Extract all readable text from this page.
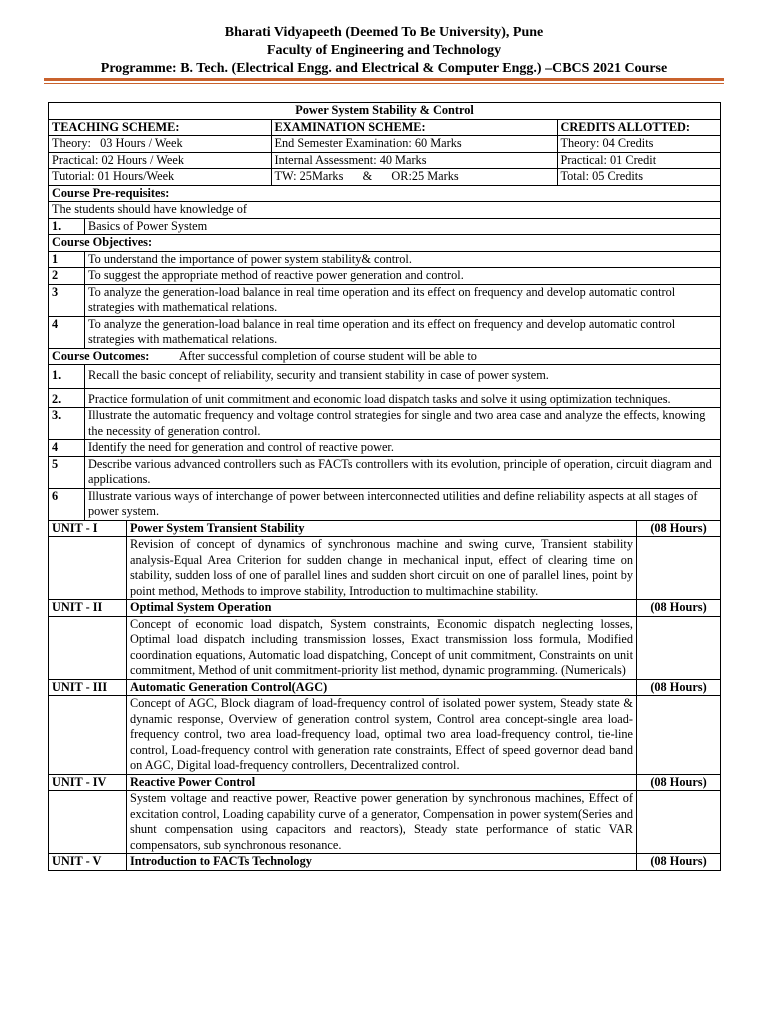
Bharati Vidyapeeth (Deemed To Be University), Pune
Faculty of Engineering and Technology
Programme: B. Tech. (Electrical Engg. and Electrical & Computer Engg.) –CBCS 2021 Course
Power System Stability & Control

TEACHING SCHEME:	EXAMINATION SCHEME:	CREDITS ALLOTTED:
Theory:   03 Hours / Week	End Semester Examination: 60 Marks	Theory: 04 Credits
Practical: 02 Hours / Week	Internal Assessment: 40 Marks	Practical: 01 Credit
Tutorial: 01 Hours/Week	TW: 25Marks & OR:25 Marks	Total: 05 Credits

Course Pre-requisites:
The students should have knowledge of
1.	Basics of Power System
Course Objectives:
1	To understand the importance of power system stability& control.
2	To suggest the appropriate method of reactive power generation and control.
3	To analyze the generation-load balance in real time operation and its effect on frequency and develop automatic control strategies with mathematical relations.
4	To analyze the generation-load balance in real time operation and its effect on frequency and develop automatic control strategies with mathematical relations.
Course Outcomes: After successful completion of course student will be able to
1.	Recall the basic concept of reliability, security and transient stability in case of power system.
2.	Practice formulation of unit commitment and economic load dispatch tasks and solve it using optimization techniques.
3.	Illustrate the automatic frequency and voltage control strategies for single and two area case and analyze the effects, knowing the necessity of generation control.
4	Identify the need for generation and control of reactive power.
5	Describe various advanced controllers such as FACTs controllers with its evolution, principle of operation, circuit diagram and applications.
6	Illustrate various ways of interchange of power between interconnected utilities and define reliability aspects at all stages of power system.
UNIT - I	Power System Transient Stability	(08 Hours)
	Revision of concept of dynamics of synchronous machine and swing curve, Transient stability analysis-Equal Area Criterion for sudden change in mechanical input, effect of clearing time on stability, sudden loss of one of parallel lines and sudden short circuit on one of parallel lines, point by point method, Methods to improve stability, Introduction to multimachine stability.	
UNIT - II	Optimal System Operation	(08 Hours)
	Concept of economic load dispatch, System constraints, Economic dispatch neglecting losses, Optimal load dispatch including transmission losses, Exact transmission loss formula, Modified coordination equations, Automatic load dispatching, Concept of unit commitment, Constraints on unit commitment, Method of unit commitment-priority list method, dynamic programming. (Numericals)	
UNIT - III	Automatic Generation Control(AGC)	(08 Hours)
	Concept of AGC, Block diagram of load-frequency control of isolated power system, Steady state & dynamic response, Overview of generation control system, Control area concept-single area load-frequency control, two area load-frequency load, optimal two area load-frequency control, tie-line control, Load-frequency control with generation rate constraints, Effect of speed governor dead band on AGC, Digital load-frequency controllers, Decentralized control.	
UNIT - IV	Reactive Power Control	(08 Hours)
	System voltage and reactive power, Reactive power generation by synchronous machines, Effect of excitation control, Loading capability curve of a generator, Compensation in power system(Series and shunt compensation using capacitors and reactors), Steady state performance of static VAR compensators, sub synchronous resonance.	
UNIT - V	Introduction to FACTs Technology	(08 Hours)
